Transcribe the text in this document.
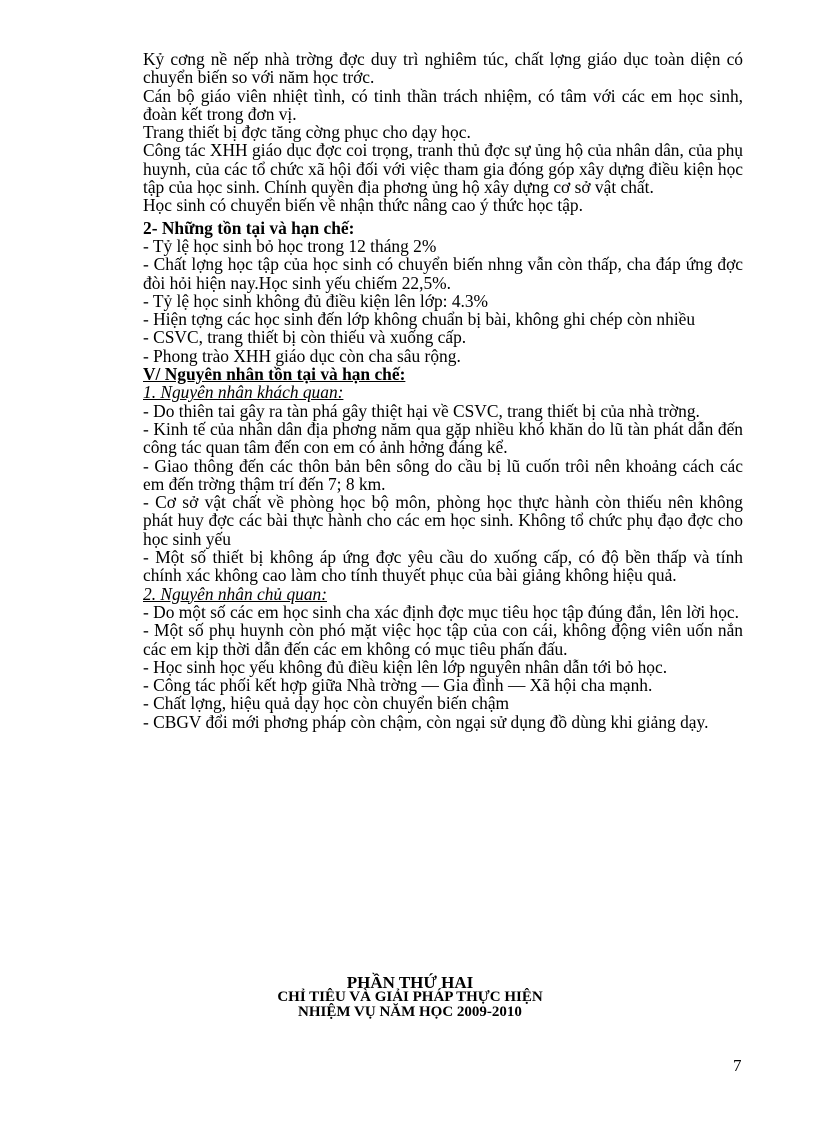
Kỷ cơng nề nếp nhà trờng đợc duy trì nghiêm túc, chất lợng giáo dục toàn diện có chuyển biến so với năm học trớc.

Cán bộ giáo viên nhiệt tình, có tinh thần trách nhiệm, có tâm với các em học sinh, đoàn kết trong đơn vị.

Trang thiết bị đợc tăng cờng phục cho dạy học.

Công tác XHH giáo dục đợc coi trọng, tranh thủ đợc sự ủng hộ của nhân dân, của phụ huynh, của các tổ chức xã hội đối với việc tham gia đóng góp xây dựng điều kiện học tập của học sinh. Chính quyền địa phơng ủng hộ xây dựng cơ sở vật chất.

Học sinh có chuyển biến về nhận thức nâng cao ý thức học tập.

2- Những tồn tại và hạn chế:

- Tỷ lệ học sinh bỏ học trong 12 tháng 2%

- Chất lợng học tập của học sinh có chuyển biến nhng vẫn còn thấp, cha đáp ứng đợc đòi hỏi hiện nay.Học sinh yếu chiếm 22,5%.

- Tỷ lệ học sinh không đủ điều kiện lên lớp: 4.3%

- Hiện tợng các học sinh đến lớp không chuẩn bị bài, không ghi chép còn nhiều

- CSVC, trang thiết bị còn thiếu và xuống cấp.

- Phong trào XHH giáo dục còn cha sâu rộng.

V/ Nguyên nhân tồn tại và hạn chế:

1. Nguyên nhân khách quan:

- Do thiên tai gây ra tàn phá gây thiệt hại về CSVC, trang thiết bị của nhà trờng.

- Kinh tế của nhân dân địa phơng năm qua gặp nhiều khó khăn do lũ tàn phát dẫn đến công tác quan tâm đến con em có ảnh hởng đáng kể.

- Giao thông đến các thôn bản bên sông do cầu bị lũ cuốn trôi nên khoảng cách các em đến trờng thậm trí đến 7; 8 km.

- Cơ sở vật chất về phòng học bộ môn, phòng học thực hành còn thiếu nên không phát huy đợc các bài thực hành cho các em học sinh. Không tổ chức phụ đạo đợc cho học sinh yếu

- Một số thiết bị không áp ứng đợc yêu cầu do xuống cấp, có độ bền thấp và tính chính xác không cao làm cho tính thuyết phục của bài giảng không hiệu quả.

2. Nguyên nhân chủ quan:

- Do một số các em học sinh cha xác định đợc mục tiêu học tập đúng đắn, lên lời học.

- Một số phụ huynh còn phó mặt việc học tập của con cái, không động viên uốn nắn các em kịp thời dẫn đến các em không có mục tiêu phấn đấu.

- Học sinh học yếu không đủ điều kiện lên lớp nguyên nhân dẫn tới bỏ học.

- Công tác phối kết hợp giữa Nhà trờng — Gia đình — Xã hội cha mạnh.

- Chất lợng, hiệu quả dạy học còn chuyển biến chậm

- CBGV đổi mới phơng pháp còn chậm, còn ngại sử dụng đồ dùng khi giảng dạy.

PHẦN THỨ HAI
CHỈ TIÊU VÀ GIẢI PHÁP THỰC HIỆN
NHIỆM VỤ NĂM HỌC 2009-2010
7
